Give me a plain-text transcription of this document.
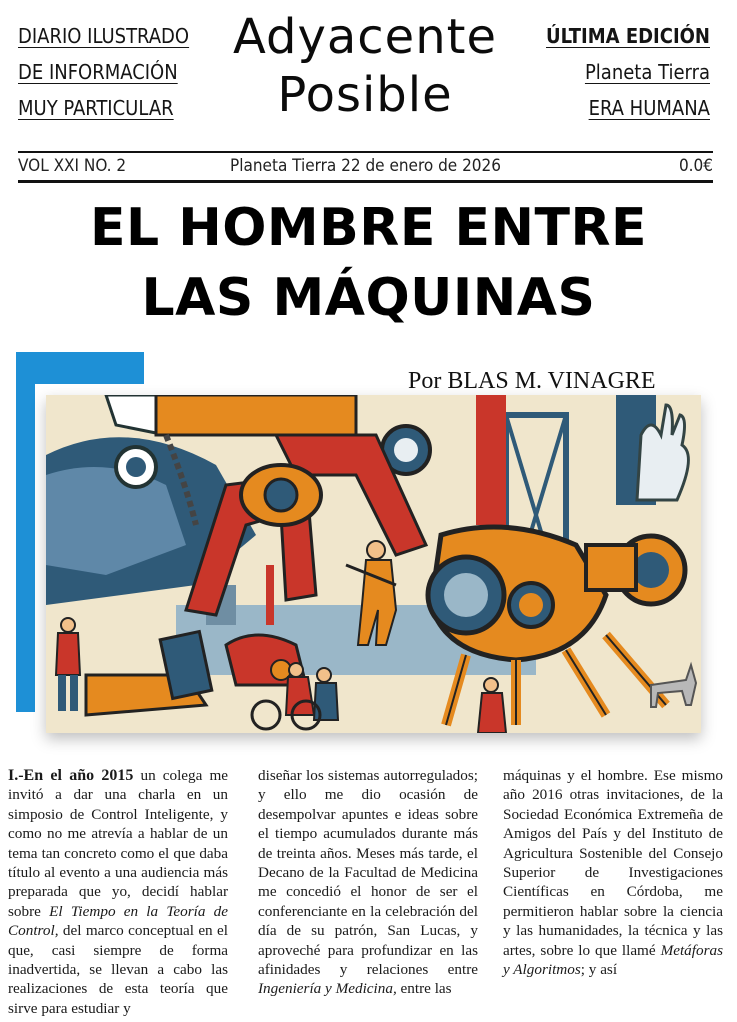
DIARIO ILUSTRADO
DE INFORMACIÓN
MUY PARTICULAR
Adyacente
Posible
ÚLTIMA EDICIÓN
Planeta Tierra
ERA HUMANA
VOL XXI NO. 2	Planeta Tierra 22 de enero de 2026	0.0€
EL HOMBRE ENTRE
LAS MÁQUINAS
Por BLAS M. VINAGRE
I.-En el año 2015 un colega me invitó a dar una charla en un simposio de Control Inteligente, y como no me atrevía a hablar de un tema tan concreto como el que daba título al evento a una audiencia más preparada que yo, decidí hablar sobre El Tiempo en la Teoría de Control, del marco conceptual en el que, casi siempre de forma inadvertida, se llevan a cabo las realizaciones de esta teoría que sirve para estudiar y
diseñar los sistemas autorregulados; y ello me dio ocasión de desempolvar apuntes e ideas sobre el tiempo acumulados durante más de treinta años. Meses más tarde, el Decano de la Facultad de Medicina me concedió el honor de ser el conferenciante en la celebración del día de su patrón, San Lucas, y aproveché para profundizar en las afinidades y relaciones entre Ingeniería y Medicina, entre las
máquinas y el hombre. Ese mismo año 2016 otras invitaciones, de la Sociedad Económica Extremeña de Amigos del País y del Instituto de Agricultura Sostenible del Consejo Superior de Investigaciones Científicas en Córdoba, me permitieron hablar sobre la ciencia y las humanidades, la técnica y las artes, sobre lo que llamé Metáforas y Algoritmos; y así
